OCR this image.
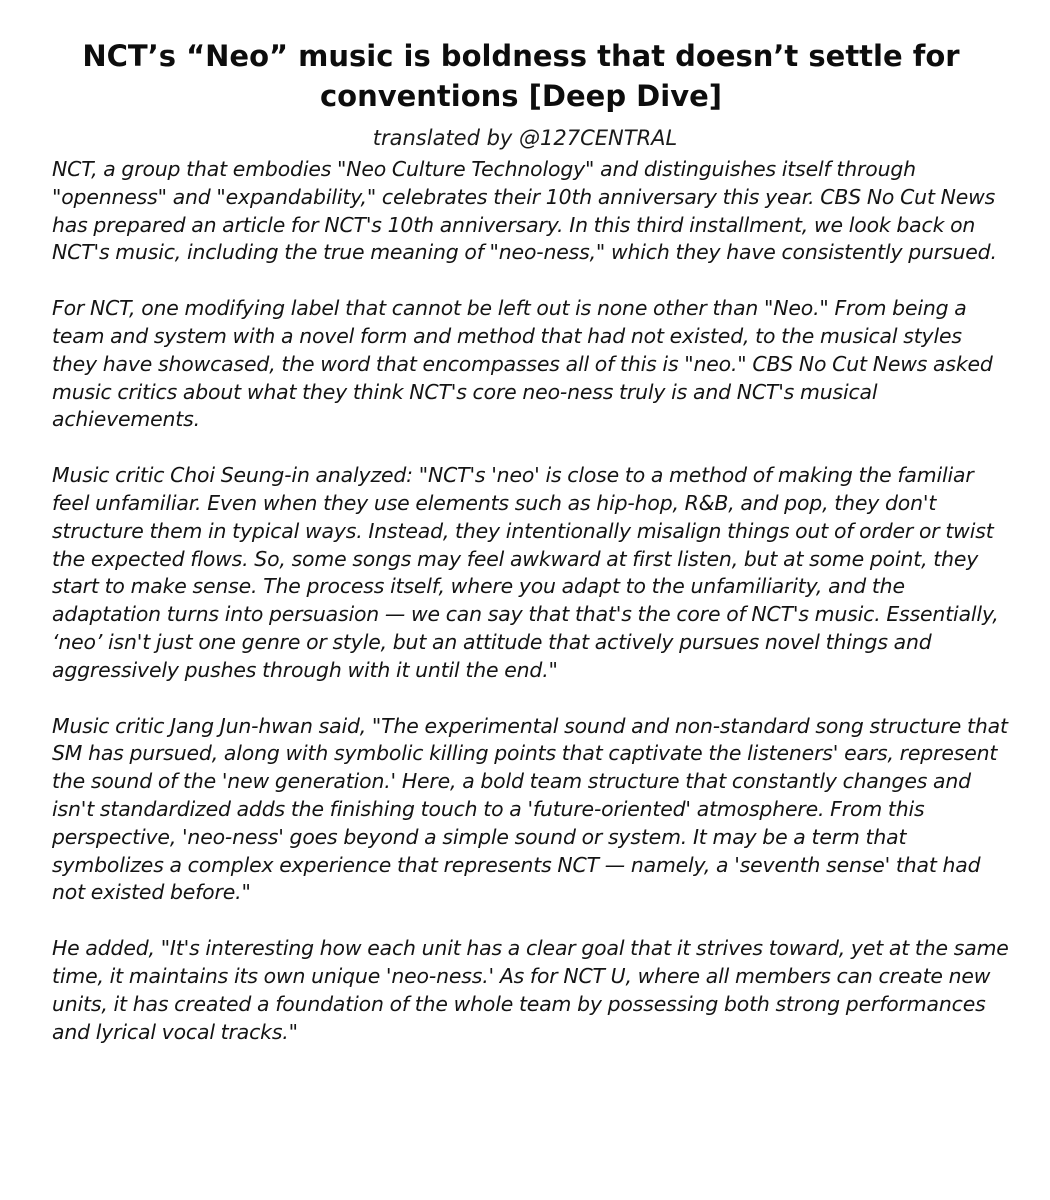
NCT’s “Neo” music is boldness that doesn’t settle for conventions [Deep Dive]
translated by @127CENTRAL

NCT, a group that embodies "Neo Culture Technology" and distinguishes itself through "openness" and "expandability," celebrates their 10th anniversary this year. CBS No Cut News has prepared an article for NCT's 10th anniversary. In this third installment, we look back on NCT's music, including the true meaning of "neo-ness," which they have consistently pursued.

For NCT, one modifying label that cannot be left out is none other than "Neo." From being a team and system with a novel form and method that had not existed, to the musical styles they have showcased, the word that encompasses all of this is "neo." CBS No Cut News asked music critics about what they think NCT's core neo-ness truly is and NCT's musical achievements.

Music critic Choi Seung-in analyzed: "NCT's 'neo' is close to a method of making the familiar feel unfamiliar. Even when they use elements such as hip-hop, R&B, and pop, they don't structure them in typical ways. Instead, they intentionally misalign things out of order or twist the expected flows. So, some songs may feel awkward at first listen, but at some point, they start to make sense. The process itself, where you adapt to the unfamiliarity, and the adaptation turns into persuasion — we can say that that's the core of NCT's music. Essentially, ‘neo’ isn't just one genre or style, but an attitude that actively pursues novel things and aggressively pushes through with it until the end."

Music critic Jang Jun-hwan said, "The experimental sound and non-standard song structure that SM has pursued, along with symbolic killing points that captivate the listeners' ears, represent the sound of the 'new generation.' Here, a bold team structure that constantly changes and isn't standardized adds the finishing touch to a 'future-oriented' atmosphere. From this perspective, 'neo-ness' goes beyond a simple sound or system. It may be a term that symbolizes a complex experience that represents NCT — namely, a 'seventh sense' that had not existed before."

He added, "It's interesting how each unit has a clear goal that it strives toward, yet at the same time, it maintains its own unique 'neo-ness.' As for NCT U, where all members can create new units, it has created a foundation of the whole team by possessing both strong performances and lyrical vocal tracks."
